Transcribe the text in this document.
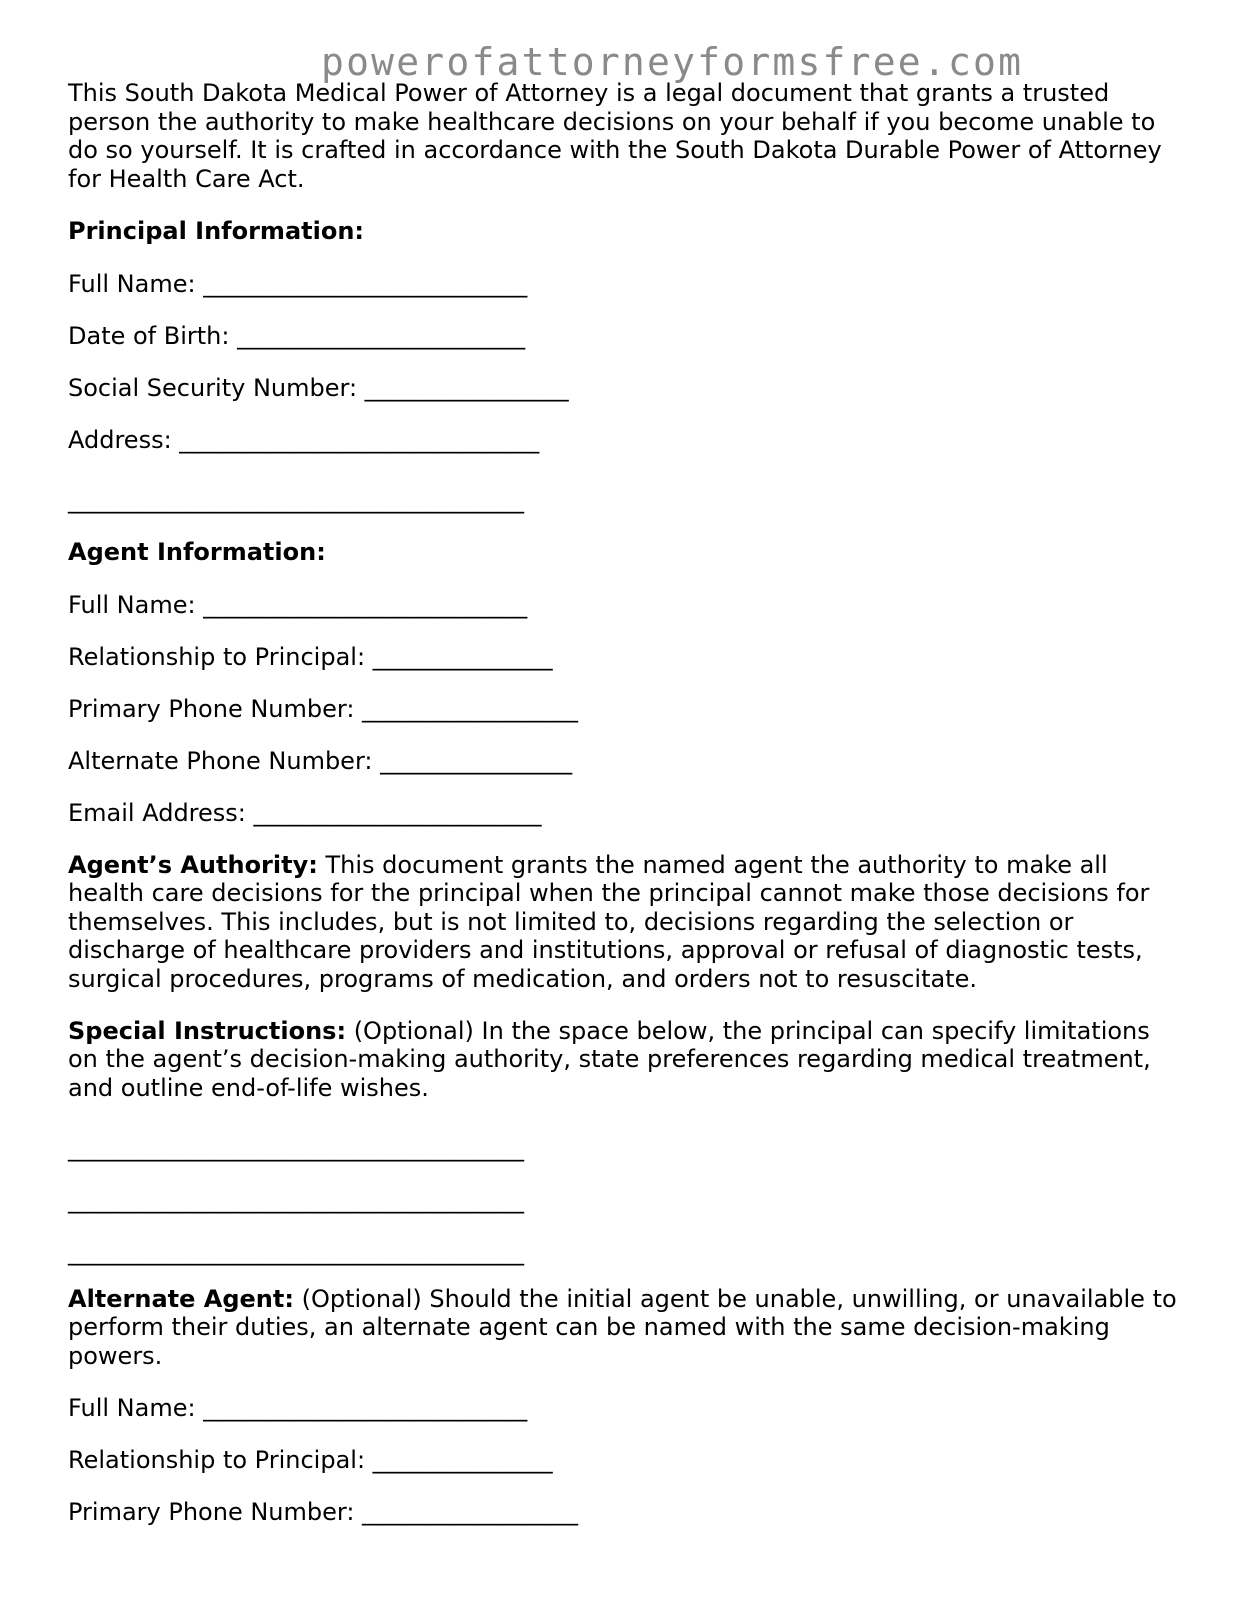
powerofattorneyformsfree.com

This South Dakota Medical Power of Attorney is a legal document that grants a trusted person the authority to make healthcare decisions on your behalf if you become unable to do so yourself. It is crafted in accordance with the South Dakota Durable Power of Attorney for Health Care Act.

Principal Information:

Full Name: ___________________________

Date of Birth: ________________________

Social Security Number: _________________

Address: ______________________________

______________________________________

Agent Information:

Full Name: ___________________________

Relationship to Principal: _______________

Primary Phone Number: __________________

Alternate Phone Number: ________________

Email Address: ________________________

Agent’s Authority: This document grants the named agent the authority to make all health care decisions for the principal when the principal cannot make those decisions for themselves. This includes, but is not limited to, decisions regarding the selection or discharge of healthcare providers and institutions, approval or refusal of diagnostic tests, surgical procedures, programs of medication, and orders not to resuscitate.

Special Instructions: (Optional) In the space below, the principal can specify limitations on the agent’s decision-making authority, state preferences regarding medical treatment, and outline end-of-life wishes.

______________________________________

______________________________________

______________________________________

Alternate Agent: (Optional) Should the initial agent be unable, unwilling, or unavailable to perform their duties, an alternate agent can be named with the same decision-making powers.

Full Name: ___________________________

Relationship to Principal: _______________

Primary Phone Number: __________________
